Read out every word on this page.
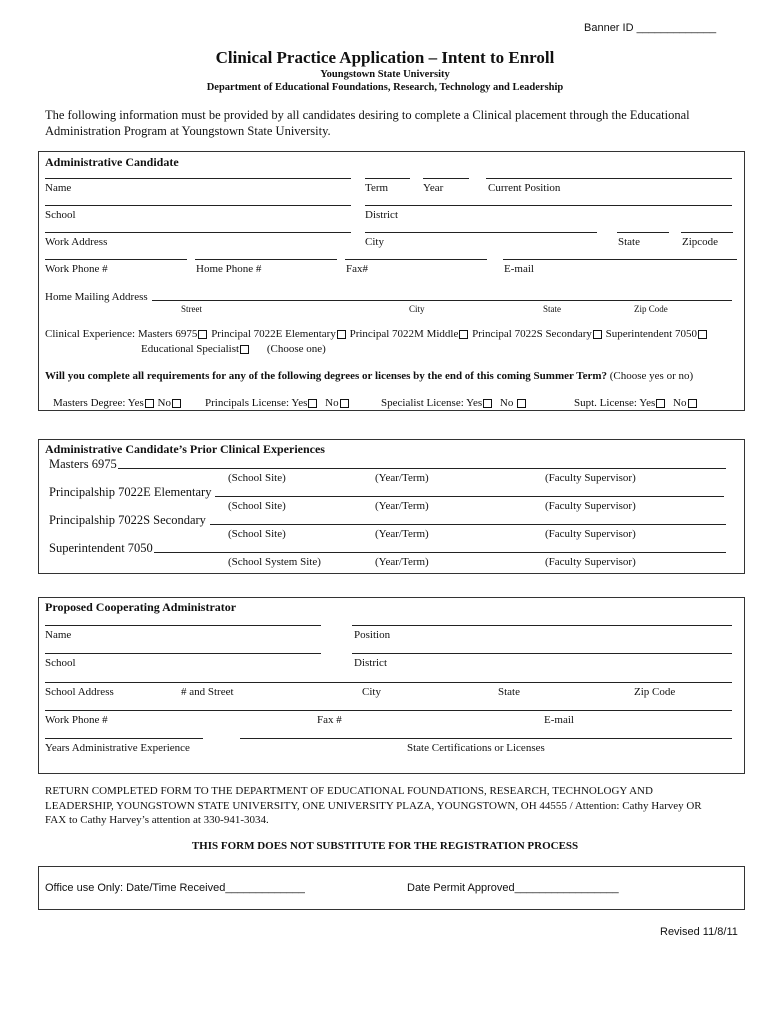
Banner ID _____________
Clinical Practice Application – Intent to Enroll
Youngstown State University
Department of Educational Foundations, Research, Technology and Leadership
The following information must be provided by all candidates desiring to complete a Clinical placement through the Educational
Administration Program at Youngstown State University.
Administrative Candidate
Name	Term	Year	Current Position
School	District
Work Address	City	State	Zipcode
Work Phone #	Home Phone #	Fax#	E-mail
Home Mailing Address
Street	City	State	Zip Code
Clinical Experience: Masters 6975 Principal 7022E Elementary Principal 7022M Middle Principal 7022S Secondary Superintendent 7050
Educational Specialist	(Choose one)
Will you complete all requirements for any of the following degrees or licenses by the end of this coming Summer Term? (Choose yes or no)
Masters Degree: Yes No	Principals License: Yes No	Specialist License: Yes No	Supt. License: Yes No
Administrative Candidate’s Prior Clinical Experiences
Masters 6975
(School Site)	(Year/Term)	(Faculty Supervisor)
Principalship 7022E Elementary
(School Site)	(Year/Term)	(Faculty Supervisor)
Principalship 7022S Secondary
(School Site)	(Year/Term)	(Faculty Supervisor)
Superintendent 7050
(School System Site)	(Year/Term)	(Faculty Supervisor)
Proposed Cooperating Administrator
Name	Position
School	District
School Address	# and Street	City	State	Zip Code
Work Phone #	Fax #	E-mail
Years Administrative Experience	State Certifications or Licenses
RETURN COMPLETED FORM TO THE DEPARTMENT OF EDUCATIONAL FOUNDATIONS, RESEARCH, TECHNOLOGY AND
LEADERSHIP, YOUNGSTOWN STATE UNIVERSITY, ONE UNIVERSITY PLAZA, YOUNGSTOWN, OH 44555 / Attention: Cathy Harvey OR
FAX to Cathy Harvey’s attention at 330-941-3034.
THIS FORM DOES NOT SUBSTITUTE FOR THE REGISTRATION PROCESS
Office use Only: Date/Time Received_____________	Date Permit Approved_________________
Revised 11/8/11
